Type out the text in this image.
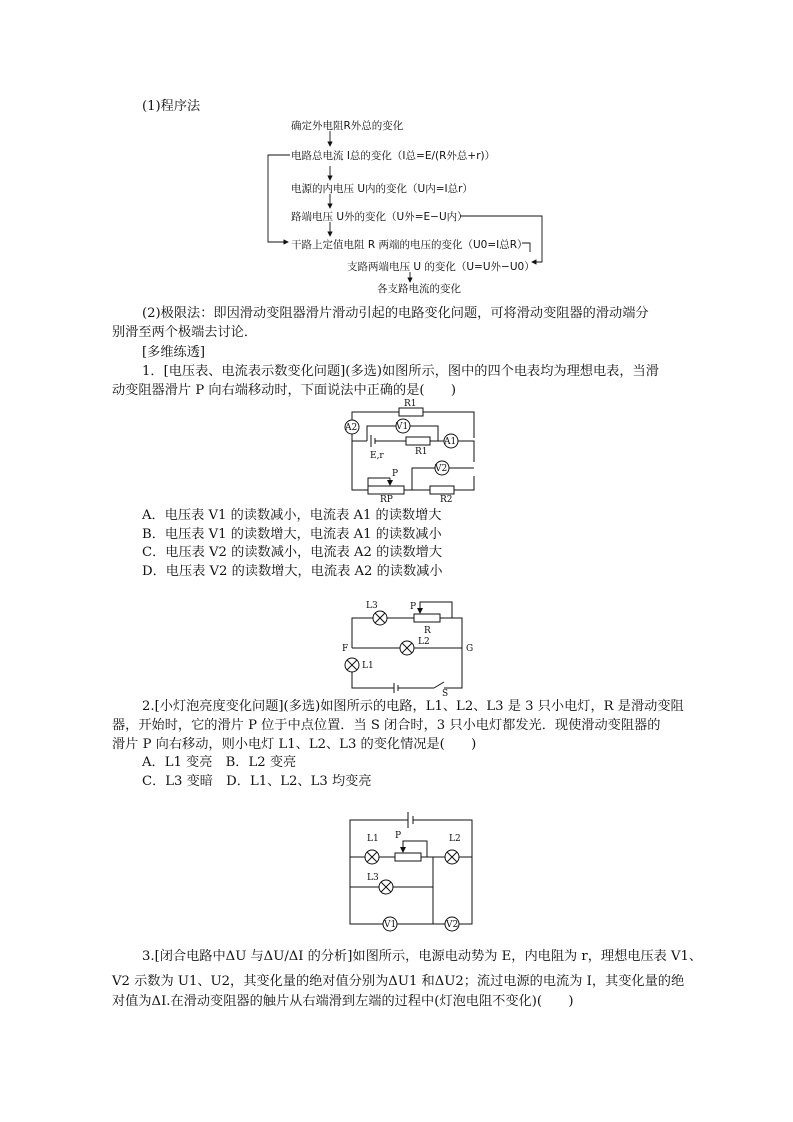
(1)程序法
确定外电阻R外总的变化
电路总电流 I总的变化（I总=E/(R外总+r)）
电源的内电压 U内的变化（U内=I总r）
路端电压 U外的变化（U外=E−U内）
干路上定值电阻 R 两端的电压的变化（U0=I总R）
支路两端电压 U 的变化（U=U外−U0）
各支路电流的变化
(2)极限法：即因滑动变阻器滑片滑动引起的电路变化问题，可将滑动变阻器的滑动端分
别滑至两个极端去讨论．
[多维练透]
1．[电压表、电流表示数变化问题](多选)如图所示，图中的四个电表均为理想电表，当滑
动变阻器滑片 P 向右端移动时，下面说法中正确的是(　　)
R1
V1
A1
A2
E,r	R1
V2
P
RP	R2
A．电压表 V1 的读数减小，电流表 A1 的读数增大
B．电压表 V1 的读数增大，电流表 A1 的读数减小
C．电压表 V2 的读数减小，电流表 A2 的读数增大
D．电压表 V2 的读数增大，电流表 A2 的读数减小
L3	P
R
F	G
L2
L1
S
2.[小灯泡亮度变化问题](多选)如图所示的电路，L1、L2、L3 是 3 只小电灯，R 是滑动变阻
器，开始时，它的滑片 P 位于中点位置．当 S 闭合时，3 只小电灯都发光．现使滑动变阻器的
滑片 P 向右移动，则小电灯 L1、L2、L3 的变化情况是(　　)
A．L1 变亮　B．L2 变亮
C．L3 变暗　D．L1、L2、L3 均变亮
L1 P	L2
L3
V1	V2
3.[闭合电路中ΔU 与ΔU/ΔI 的分析]如图所示，电源电动势为 E，内电阻为 r，理想电压表 V1、
V2 示数为 U1、U2，其变化量的绝对值分别为ΔU1 和ΔU2；流过电源的电流为 I，其变化量的绝
对值为ΔI.在滑动变阻器的触片从右端滑到左端的过程中(灯泡电阻不变化)(　　)
